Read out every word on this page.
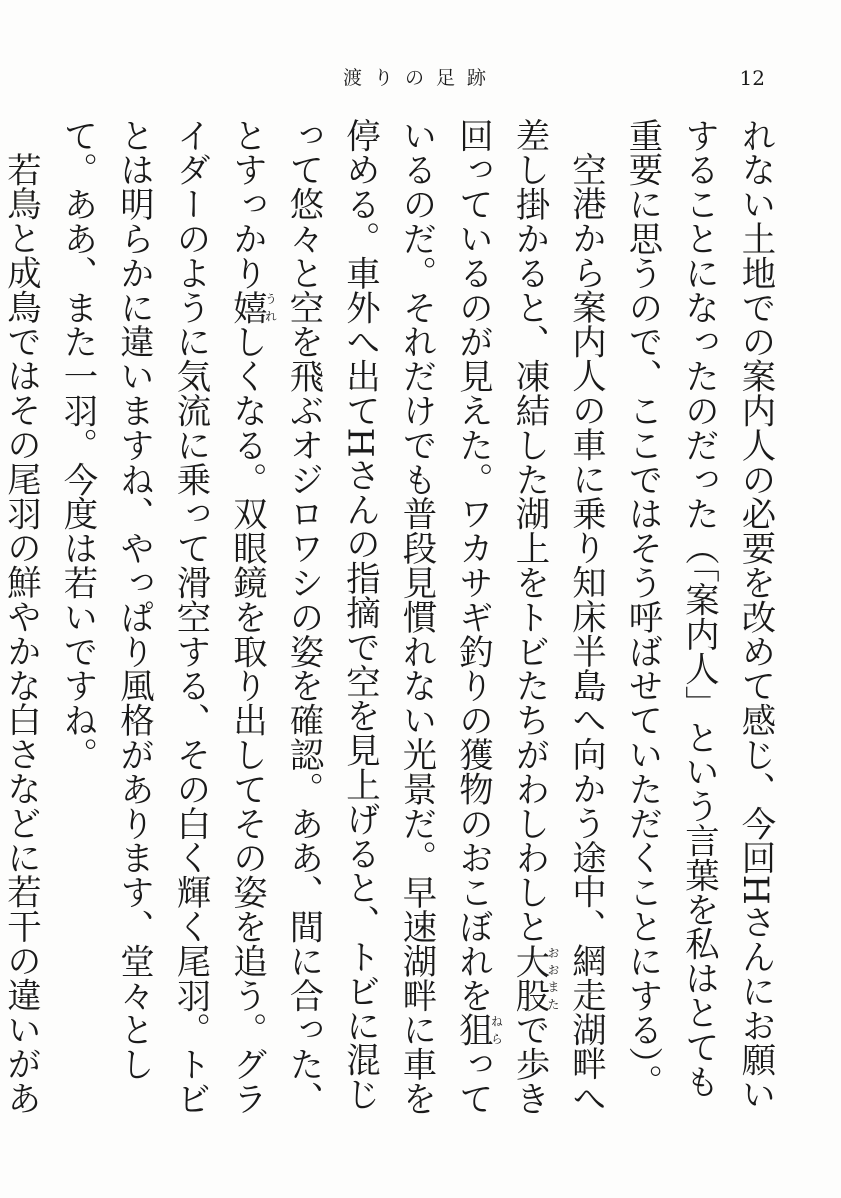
渡りの足跡	12

れない土地での案内人の必要を改めて感じ、今回Hさんにお願いすることになったのだった（「案内人」という言葉を私はとても重要に思うので、ここではそう呼ばせていただくことにする）。

空港から案内人の車に乗り知床半島へ向かう途中、網走湖畔へ差し掛かると、凍結した湖上をトビたちがわしわしと大股おおまたで歩き回っているのが見えた。ワカサギ釣りの獲物のおこぼれを狙ねらっているのだ。それだけでも普段見慣れない光景だ。早速湖畔に車を停める。車外へ出てHさんの指摘で空を見上げると、トビに混じって悠々と空を飛ぶオジロワシの姿を確認。ああ、間に合った、とすっかり嬉うれしくなる。双眼鏡を取り出してその姿を追う。グライダーのように気流に乗って滑空する、その白く輝く尾羽。トビとは明らかに違いますね、やっぱり風格があります、堂々として。ああ、また一羽。今度は若いですね。

若鳥と成鳥ではその尾羽の鮮やかな白さなどに若干の違いがあ
